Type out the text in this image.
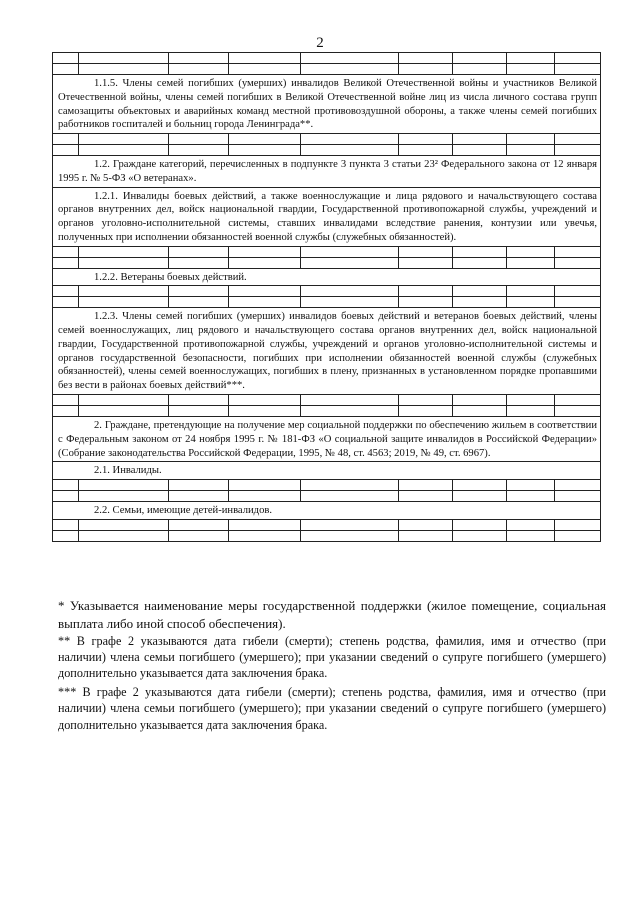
2

1.1.5. Члены семей погибших (умерших) инвалидов Великой Отечественной войны и участников Великой Отечественной войны, члены семей погибших в Великой Отечественной войне лиц из числа личного состава групп самозащиты объектовых и аварийных команд местной противовоздушной обороны, а также члены семей погибших работников госпиталей и больниц города Ленинграда**.								

1.2. Граждане категорий, перечисленных в подпункте 3 пункта 3 статьи 23² Федерального закона от 12 января 1995 г. № 5-ФЗ «О ветеранах».								
1.2.1. Инвалиды боевых действий, а также военнослужащие и лица рядового и начальствующего состава органов внутренних дел, войск национальной гвардии, Государственной противопожарной службы, учреждений и органов уголовно-исполнительной системы, ставших инвалидами вследствие ранения, контузии или увечья, полученных при исполнении обязанностей военной службы (служебных обязанностей).								

1.2.2. Ветераны боевых действий.								

1.2.3. Члены семей погибших (умерших) инвалидов боевых действий и ветеранов боевых действий, члены семей военнослужащих, лиц рядового и начальствующего состава органов внутренних дел, войск национальной гвардии, Государственной противопожарной службы, учреждений и органов уголовно-исполнительной системы и органов государственной безопасности, погибших при исполнении обязанностей военной службы (служебных обязанностей), члены семей военнослужащих, погибших в плену, признанных в установленном порядке пропавшими без вести в районах боевых действий***.								

2. Граждане, претендующие на получение мер социальной поддержки по обеспечению жильем в соответствии с Федеральным законом от 24 ноября 1995 г. № 181-ФЗ «О социальной защите инвалидов в Российской Федерации» (Собрание законодательства Российской Федерации, 1995, № 48, ст. 4563; 2019, № 49, ст. 6967).								
2.1. Инвалиды.								

2.2. Семьи, имеющие детей-инвалидов.								

* Указывается наименование меры государственной поддержки (жилое помещение, социальная выплата либо иной способ обеспечения).

** В графе 2 указываются дата гибели (смерти); степень родства, фамилия, имя и отчество (при наличии) члена семьи погибшего (умершего); при указании сведений о супруге погибшего (умершего) дополнительно указывается дата заключения брака.

*** В графе 2 указываются дата гибели (смерти); степень родства, фамилия, имя и отчество (при наличии) члена семьи погибшего (умершего); при указании сведений о супруге погибшего (умершего) дополнительно указывается дата заключения брака.
